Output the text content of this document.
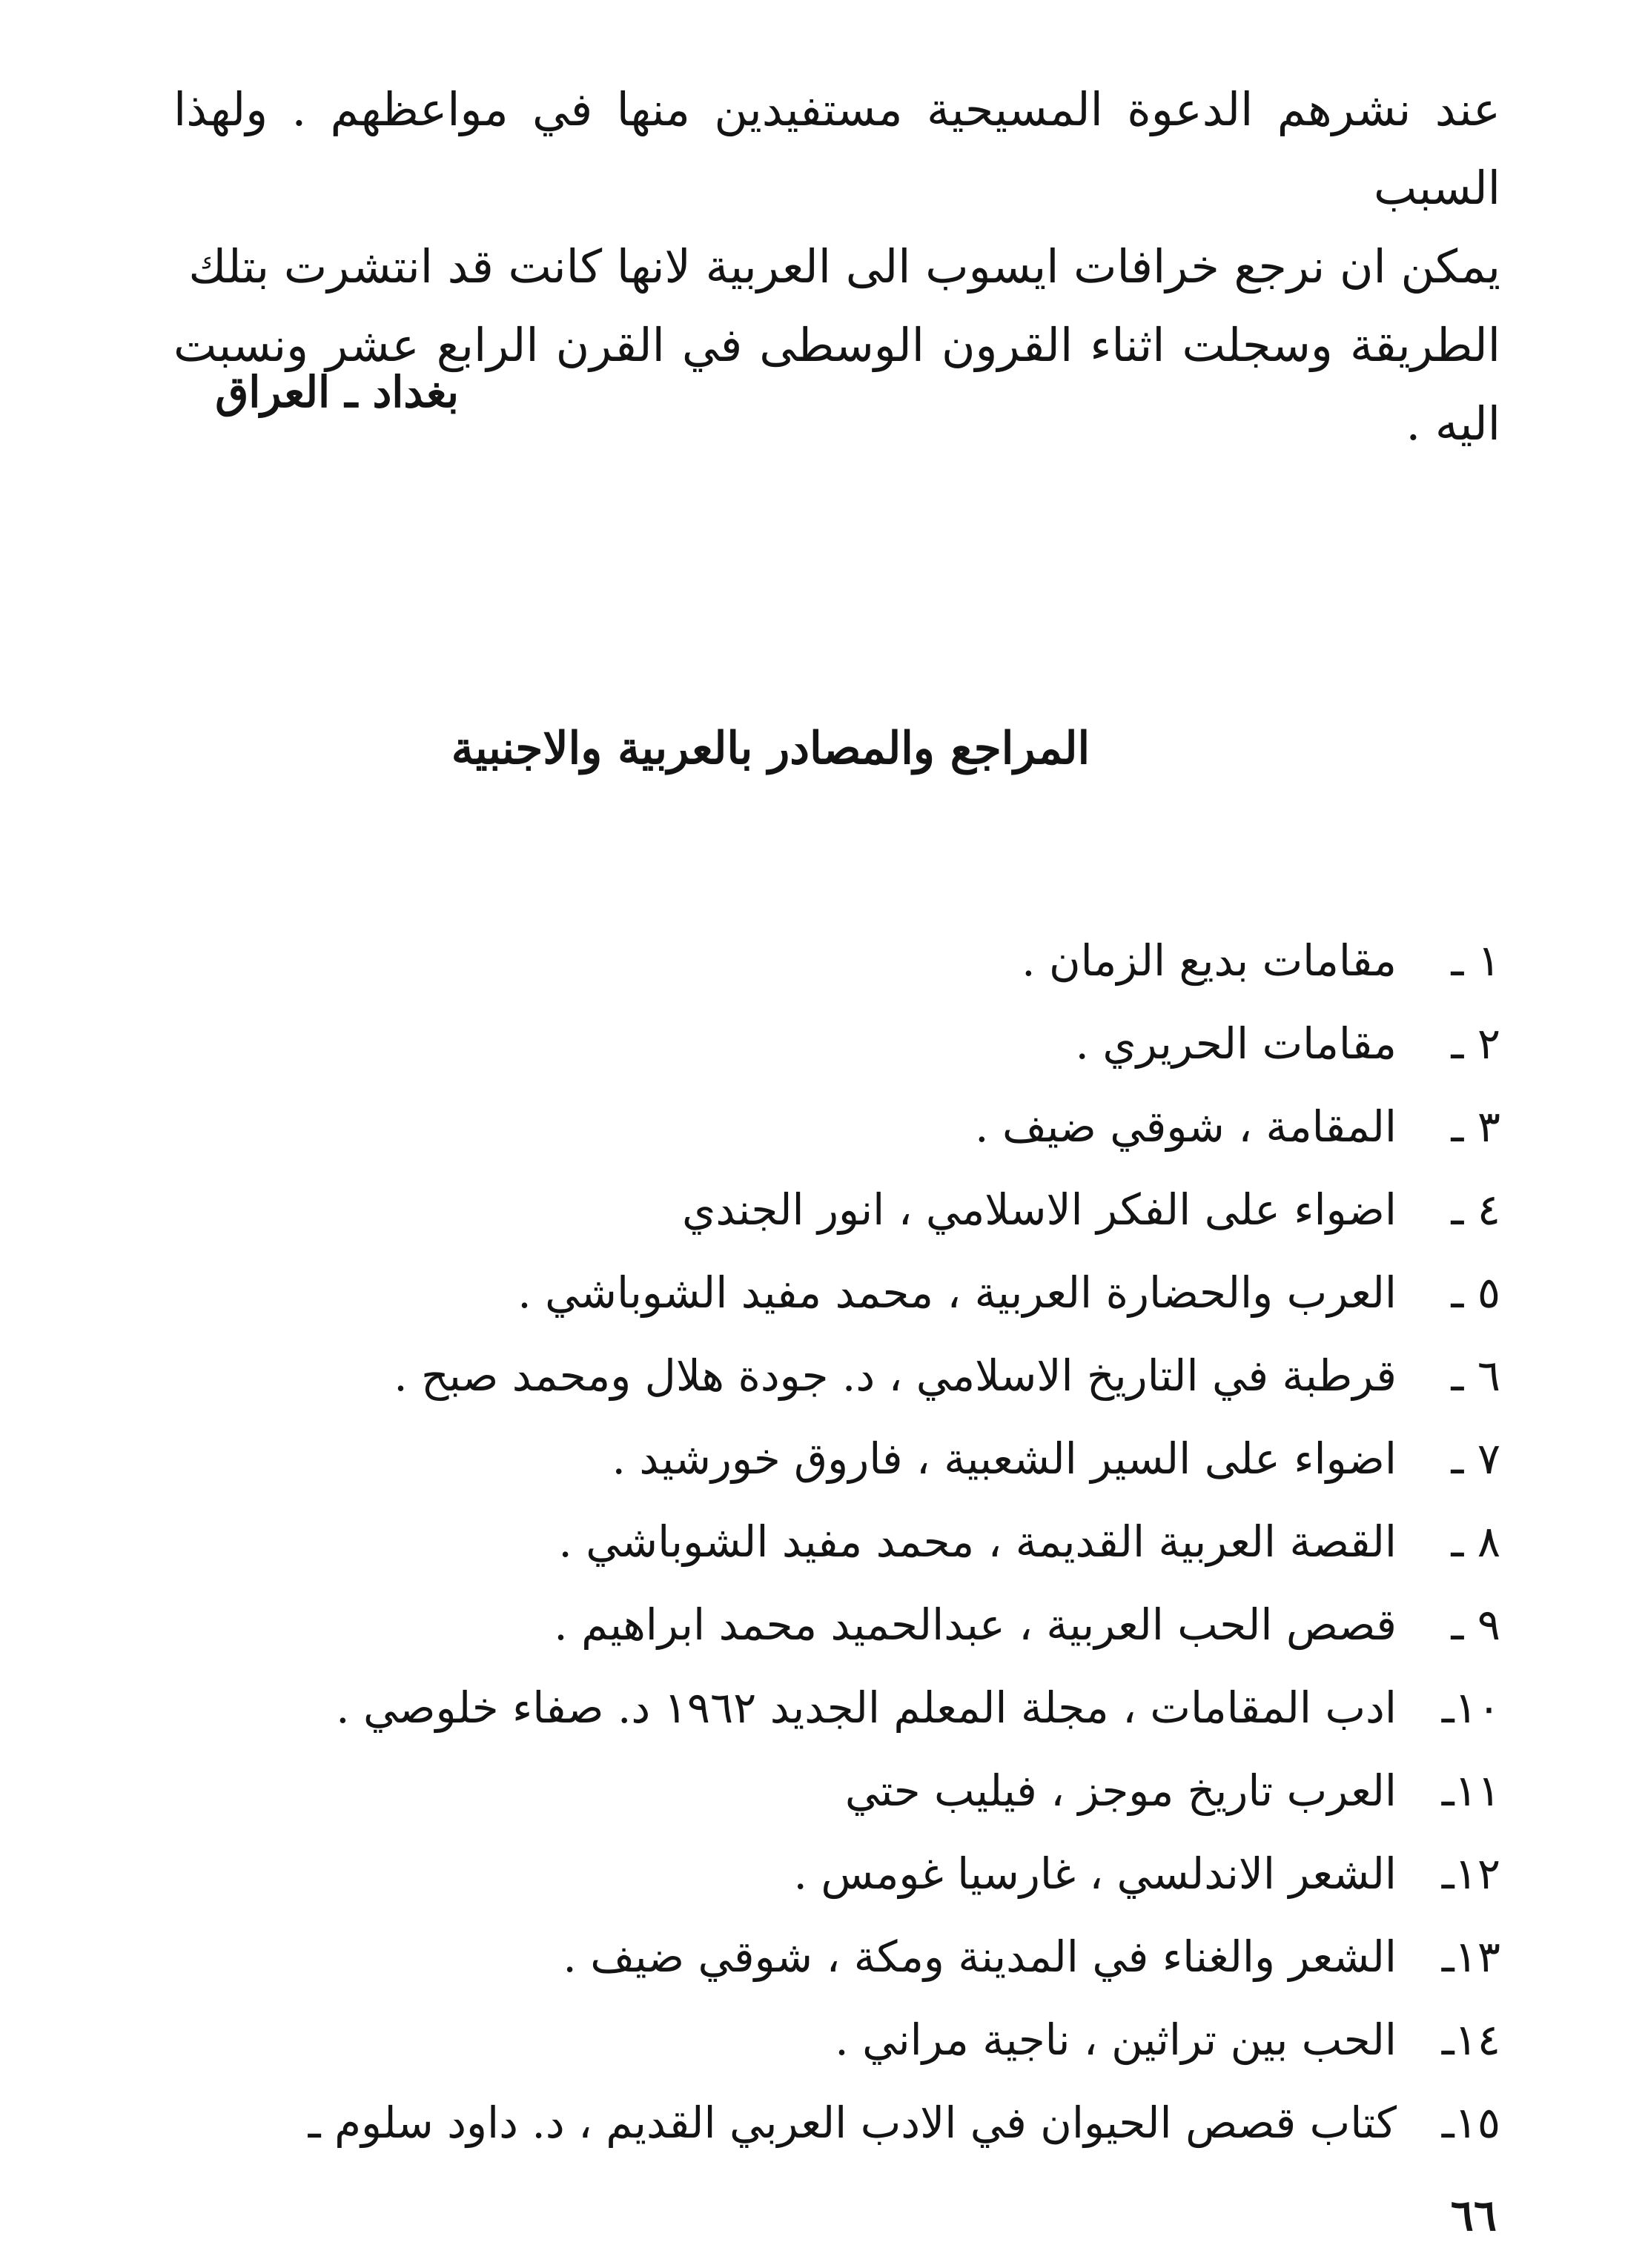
عند نشرهم الدعوة المسيحية مستفيدين منها في مواعظهم . ولهذا السبب
يمكن ان نرجع خرافات ايسوب الى العربية لانها كانت قد انتشرت بتلك
الطريقة وسجلت اثناء القرون الوسطى في القرن الرابع عشر ونسبت اليه .

بغداد ـ العراق

المراجع والمصادر بالعربية والاجنبية
١ ـ
مقامات بديع الزمان .
٢ ـ
مقامات الحريري .
٣ ـ
المقامة ، شوقي ضيف .
٤ ـ
اضواء على الفكر الاسلامي ، انور الجندي
٥ ـ
العرب والحضارة العربية ، محمد مفيد الشوباشي .
٦ ـ
قرطبة في التاريخ الاسلامي ، د. جودة هلال ومحمد صبح .
٧ ـ
اضواء على السير الشعبية ، فاروق خورشيد .
٨ ـ
القصة العربية القديمة ، محمد مفيد الشوباشي .
٩ ـ
قصص الحب العربية ، عبدالحميد محمد ابراهيم .
١٠ـ
ادب المقامات ، مجلة المعلم الجديد ١٩٦٢ د. صفاء خلوصي .
١١ـ
العرب تاريخ موجز ، فيليب حتي
١٢ـ
الشعر الاندلسي ، غارسيا غومس .
١٣ـ
الشعر والغناء في المدينة ومكة ، شوقي ضيف .
١٤ـ
الحب بين تراثين ، ناجية مراني .
١٥ـ
كتاب قصص الحيوان في الادب العربي القديم ، د. داود سلوم ـ

٦٦
